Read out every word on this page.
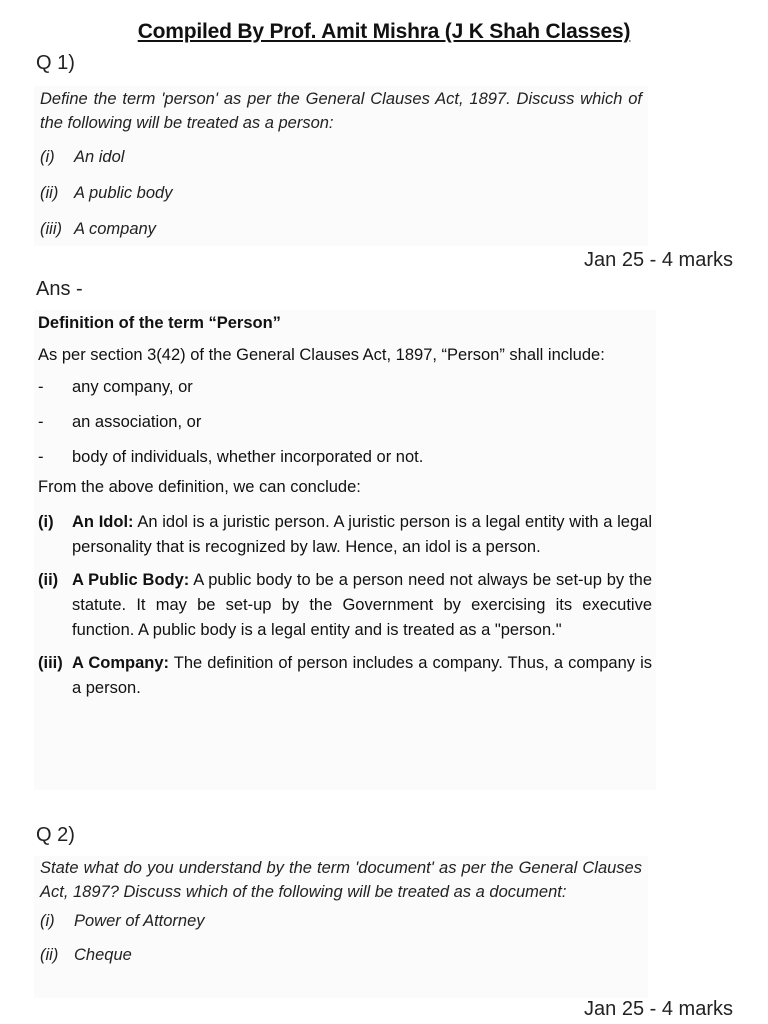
Compiled By Prof. Amit Mishra (J K Shah Classes)
Q 1)

Define the term 'person' as per the General Clauses Act, 1897. Discuss which of the following will be treated as a person:

(i) An idol
(ii) A public body
(iii) A company
Jan 25 - 4 marks
Ans -

Definition of the term “Person”

As per section 3(42) of the General Clauses Act, 1897, “Person” shall include:

- any company, or
- an association, or
- body of individuals, whether incorporated or not.

From the above definition, we can conclude:

(i) An Idol: An idol is a juristic person. A juristic person is a legal entity with a legal personality that is recognized by law. Hence, an idol is a person.
(ii) A Public Body: A public body to be a person need not always be set-up by the statute. It may be set-up by the Government by exercising its executive function. A public body is a legal entity and is treated as a "person."
(iii) A Company: The definition of person includes a company. Thus, a company is a person.
Q 2)

State what do you understand by the term 'document' as per the General Clauses Act, 1897? Discuss which of the following will be treated as a document:

(i) Power of Attorney
(ii) Cheque
Jan 25 - 4 marks
